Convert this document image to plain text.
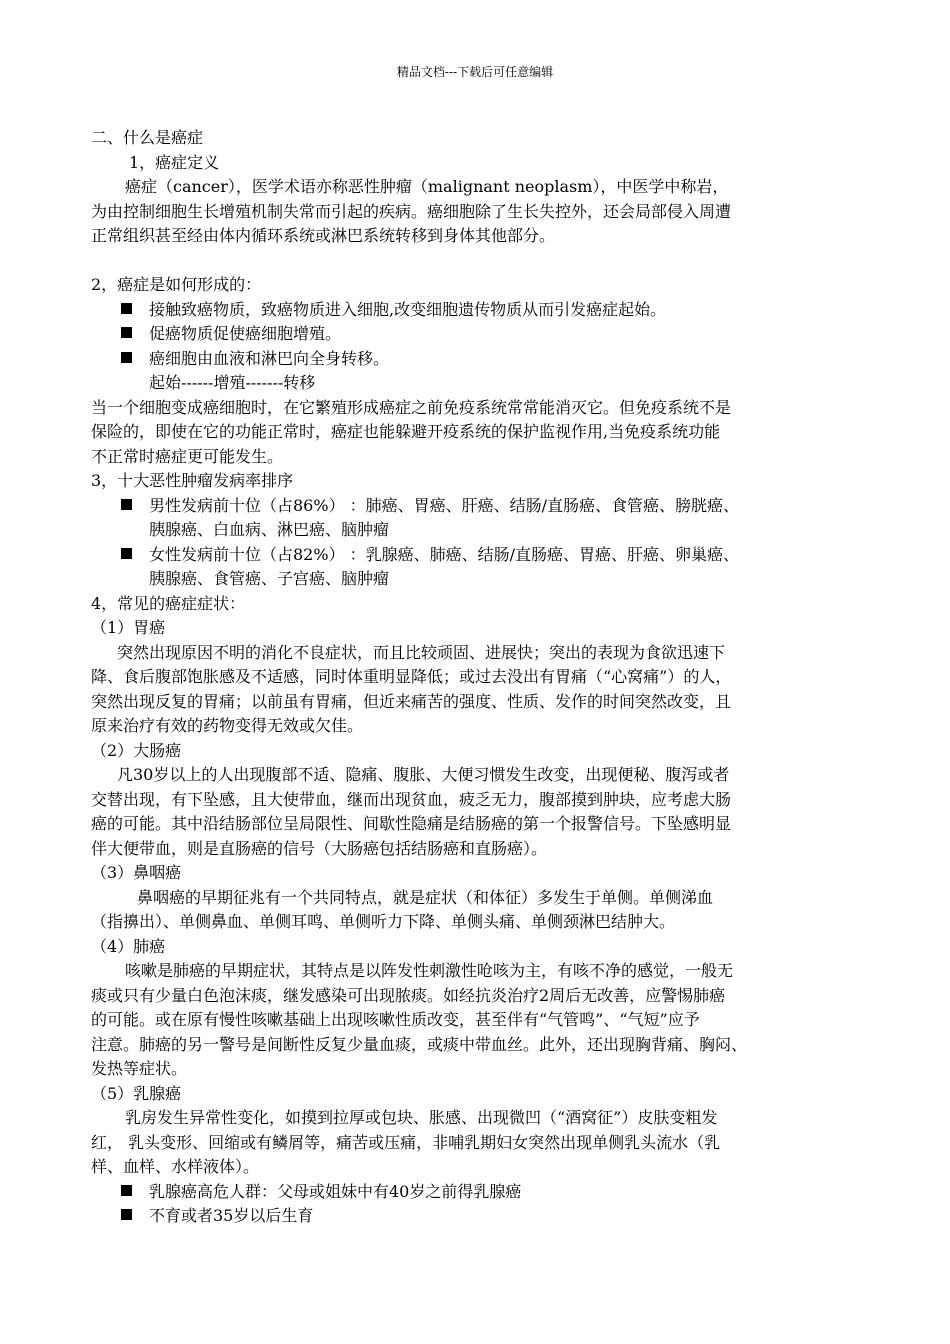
精品文档---下载后可任意编辑
二、什么是癌症
1，癌症定义
癌症（cancer），医学术语亦称恶性肿瘤（malignant neoplasm），中医学中称岩，
为由控制细胞生长增殖机制失常而引起的疾病。癌细胞除了生长失控外，还会局部侵入周遭
正常组织甚至经由体内循环系统或淋巴系统转移到身体其他部分。
2，癌症是如何形成的：
接触致癌物质，致癌物质进入细胞,改变细胞遗传物质从而引发癌症起始。
促癌物质促使癌细胞增殖。
癌细胞由血液和淋巴向全身转移。
起始------增殖-------转移
当一个细胞变成癌细胞时，在它繁殖形成癌症之前免疫系统常常能消灭它。但免疫系统不是
保险的，即使在它的功能正常时，癌症也能躲避开疫系统的保护监视作用,当免疫系统功能
不正常时癌症更可能发生。
3，十大恶性肿瘤发病率排序
男性发病前十位（占86%） ：肺癌、胃癌、肝癌、结肠/直肠癌、食管癌、膀胱癌、
胰腺癌、白血病、淋巴癌、脑肿瘤
女性发病前十位（占82%） ：乳腺癌、肺癌、结肠/直肠癌、胃癌、肝癌、卵巢癌、
胰腺癌、食管癌、子宫癌、脑肿瘤
4，常见的癌症症状：
（1）胃癌
突然出现原因不明的消化不良症状，而且比较顽固、进展快；突出的表现为食欲迅速下
降、食后腹部饱胀感及不适感，同时体重明显降低；或过去没出有胃痛（“心窝痛”）的人，
突然出现反复的胃痛；以前虽有胃痛，但近来痛苦的强度、性质、发作的时间突然改变，且
原来治疗有效的药物变得无效或欠佳。
（2）大肠癌
凡30岁以上的人出现腹部不适、隐痛、腹胀、大便习惯发生改变，出现便秘、腹泻或者
交替出现，有下坠感，且大使带血，继而出现贫血，疲乏无力，腹部摸到肿块，应考虑大肠
癌的可能。其中沿结肠部位呈局限性、间歇性隐痛是结肠癌的第一个报警信号。下坠感明显
伴大便带血，则是直肠癌的信号（大肠癌包括结肠癌和直肠癌）。
（3）鼻咽癌
鼻咽癌的早期征兆有一个共同特点，就是症状（和体征）多发生于单侧。单侧涕血
（指擤出）、单侧鼻血、单侧耳鸣、单侧听力下降、单侧头痛、单侧颈淋巴结肿大。
（4）肺癌
咳嗽是肺癌的早期症状，其特点是以阵发性刺激性呛咳为主，有咳不净的感觉，一般无
痰或只有少量白色泡沫痰，继发感染可出现脓痰。如经抗炎治疗2周后无改善，应警惕肺癌
的可能。或在原有慢性咳嗽基础上出现咳嗽性质改变，甚至伴有“气管鸣”、“气短”应予
注意。肺癌的另一警号是间断性反复少量血痰，或痰中带血丝。此外，还出现胸背痛、胸闷、
发热等症状。
（5）乳腺癌
乳房发生异常性变化，如摸到拉厚或包块、胀感、出现微凹（“酒窝征”）皮肤变粗发
红， 乳头变形、回缩或有鳞屑等，痛苦或压痛，非哺乳期妇女突然出现单侧乳头流水（乳
样、血样、水样液体）。
乳腺癌高危人群：父母或姐妹中有40岁之前得乳腺癌
不育或者35岁以后生育
